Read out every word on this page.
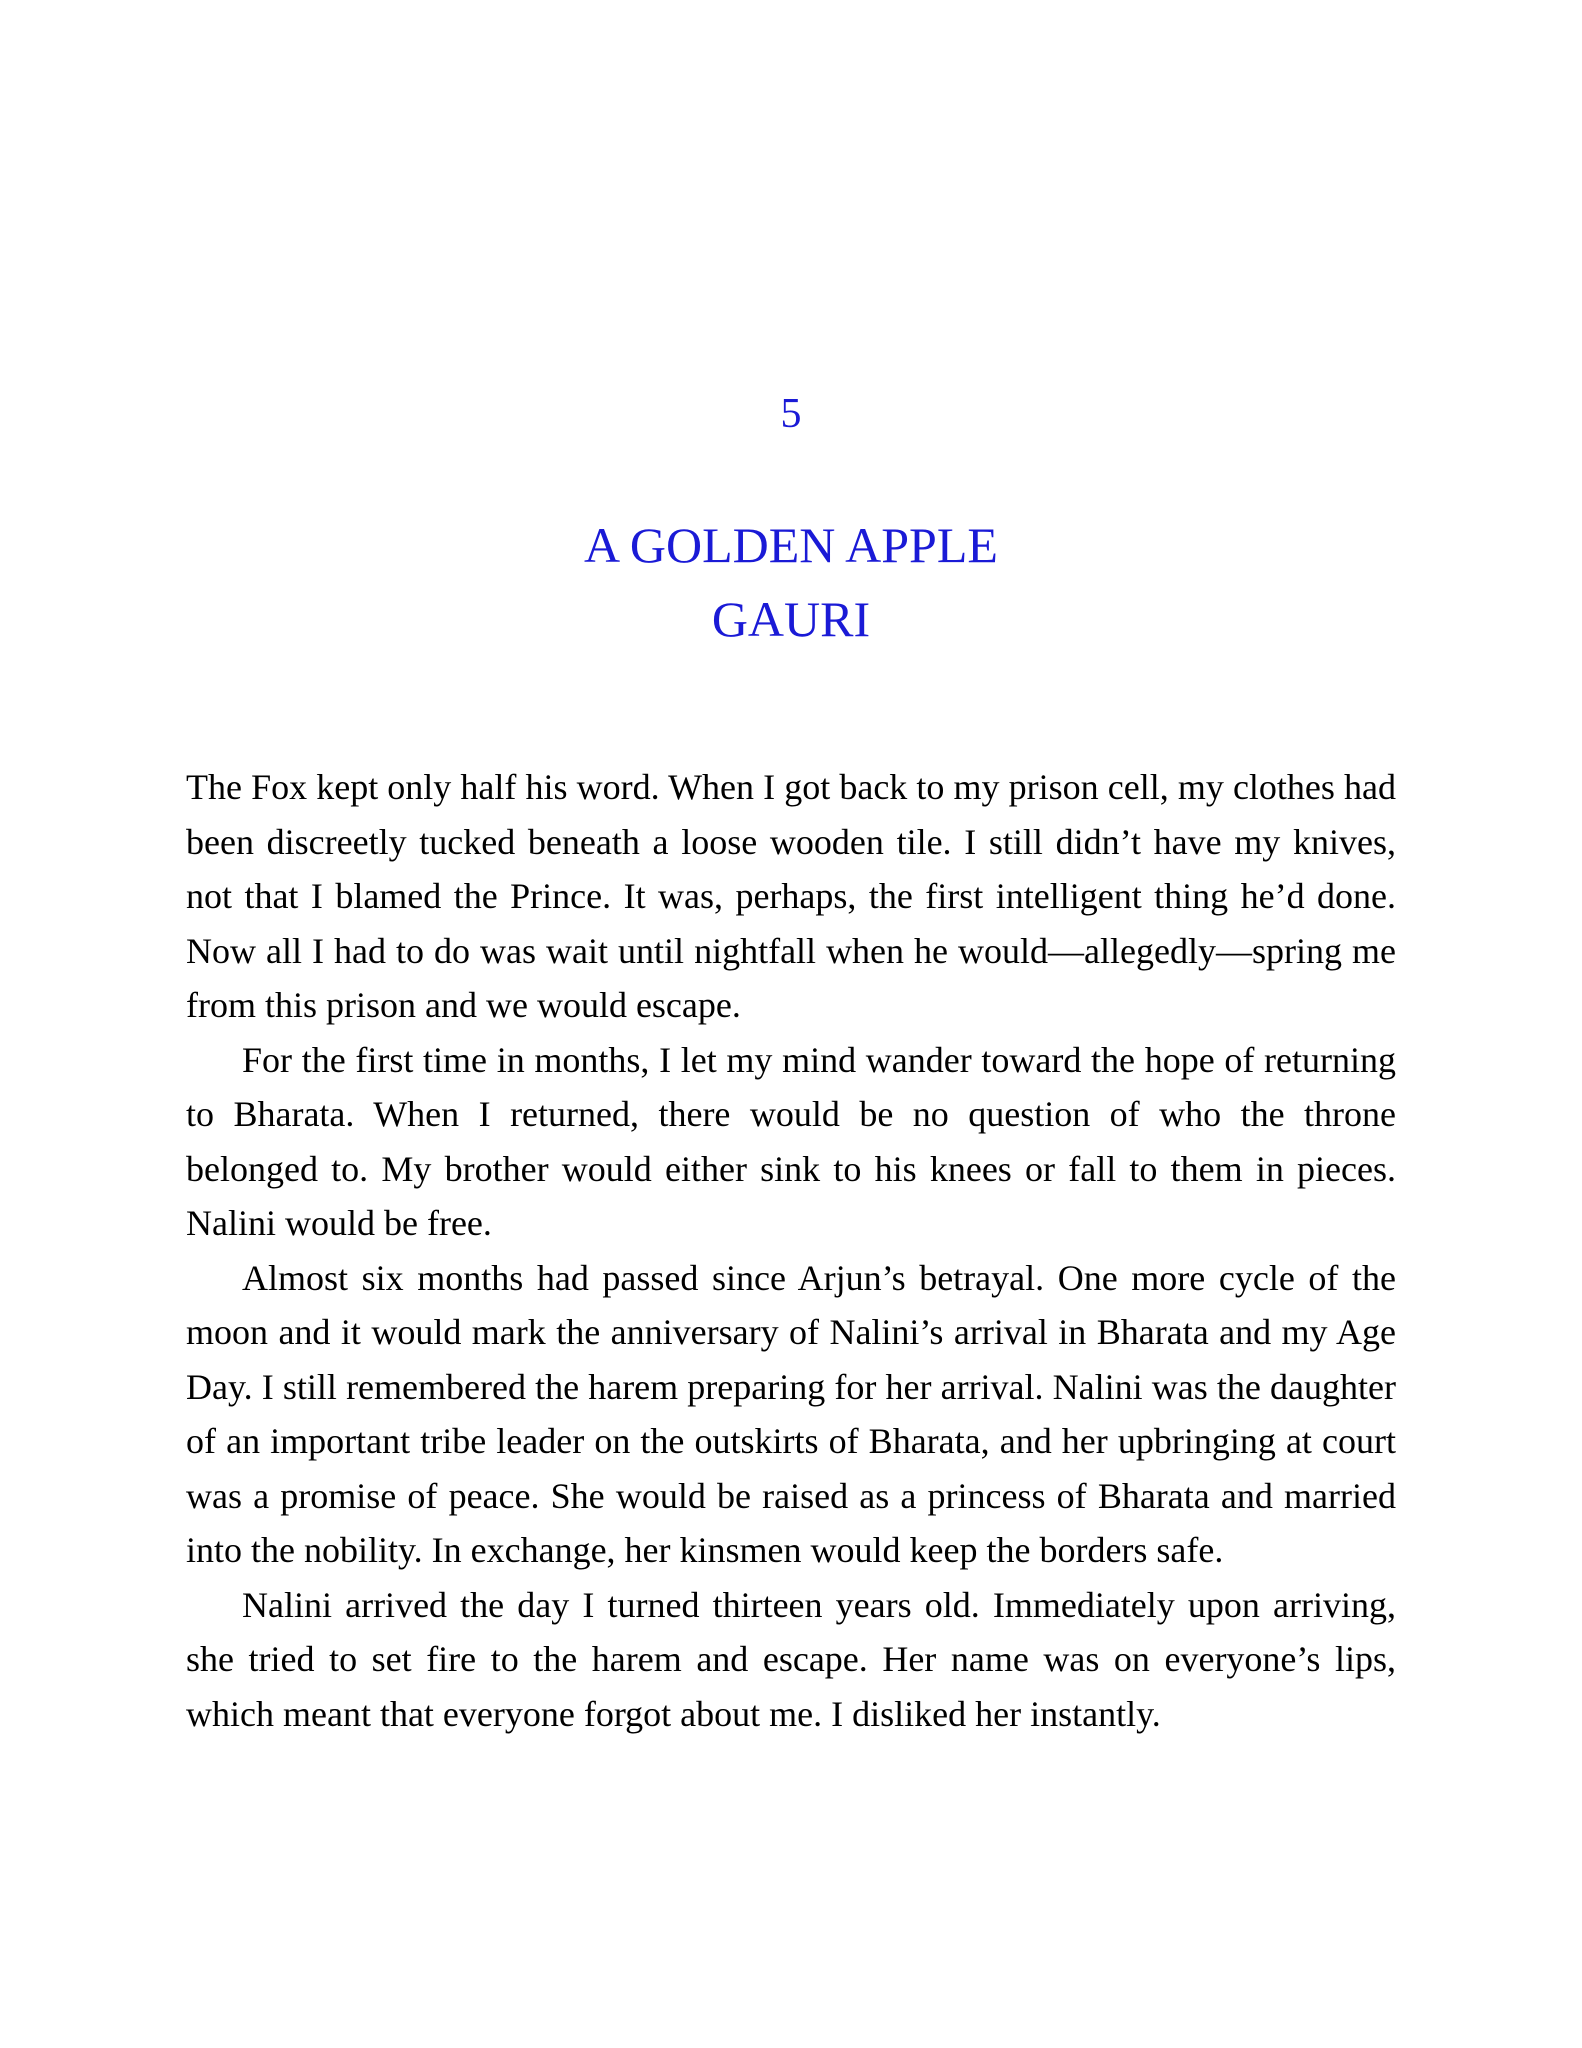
5
A GOLDEN APPLE
GAURI

The Fox kept only half his word. When I got back to my prison cell, my clothes had been discreetly tucked beneath a loose wooden tile. I still didn’t have my knives, not that I blamed the Prince. It was, perhaps, the first intelligent thing he’d done. Now all I had to do was wait until nightfall when he would—allegedly—spring me from this prison and we would escape.

For the first time in months, I let my mind wander toward the hope of returning to Bharata. When I returned, there would be no question of who the throne belonged to. My brother would either sink to his knees or fall to them in pieces. Nalini would be free.

Almost six months had passed since Arjun’s betrayal. One more cycle of the moon and it would mark the anniversary of Nalini’s arrival in Bharata and my Age Day. I still remembered the harem preparing for her arrival. Nalini was the daughter of an important tribe leader on the outskirts of Bharata, and her upbringing at court was a promise of peace. She would be raised as a princess of Bharata and married into the nobility. In exchange, her kinsmen would keep the borders safe.

Nalini arrived the day I turned thirteen years old. Immediately upon arriving, she tried to set fire to the harem and escape. Her name was on everyone’s lips, which meant that everyone forgot about me. I disliked her instantly.
